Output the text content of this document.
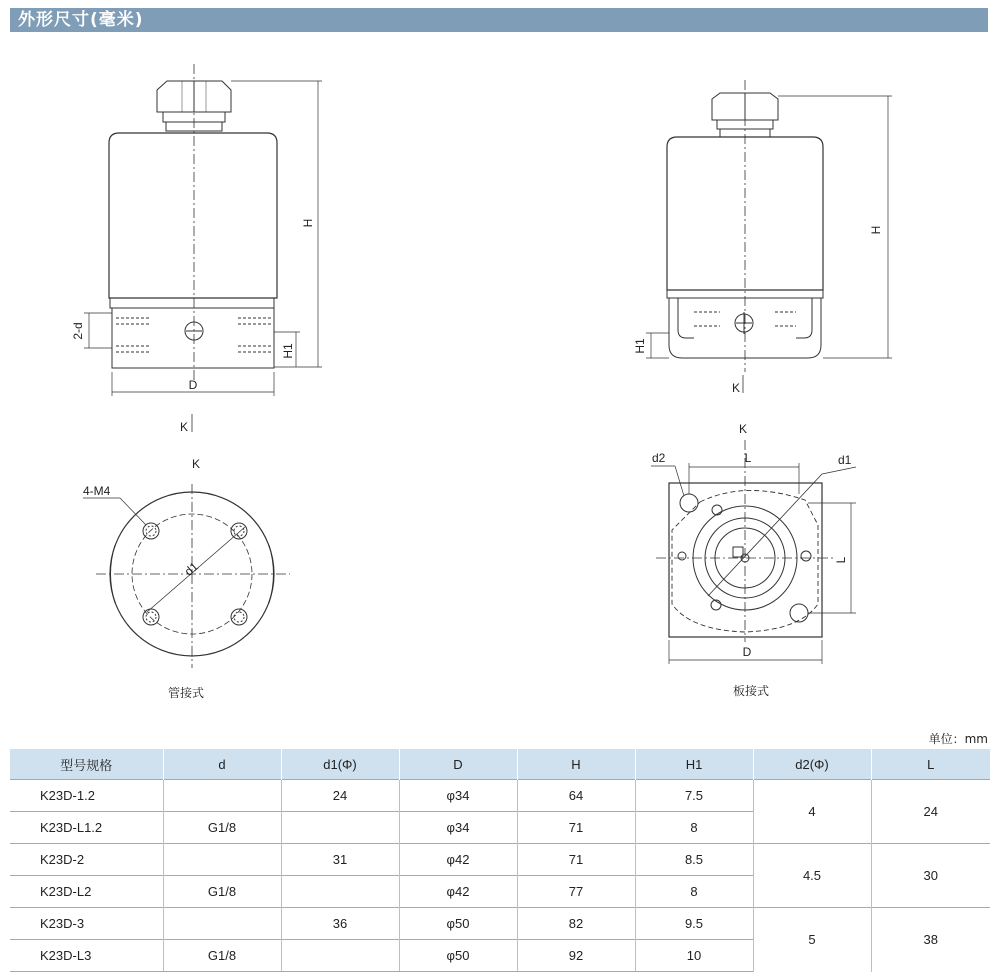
外形尺寸(毫米)
H
H1
2-d
D
K
K
4-M4
d1
H
H1
K
K
d2	L	d1
L
D
管接式	板接式
单位：mm
型号规格	d	d1(Φ)	D	H	H1	d2(Φ)	L
K23D-1.2		24	φ34	64	7.5	4	24
K23D-L1.2	G1/8		φ34	71	8		
K23D-2		31	φ42	71	8.5	4.5	30
K23D-L2	G1/8		φ42	77	8		
K23D-3		36	φ50	82	9.5	5	38
K23D-L3	G1/8		φ50	92	10		
